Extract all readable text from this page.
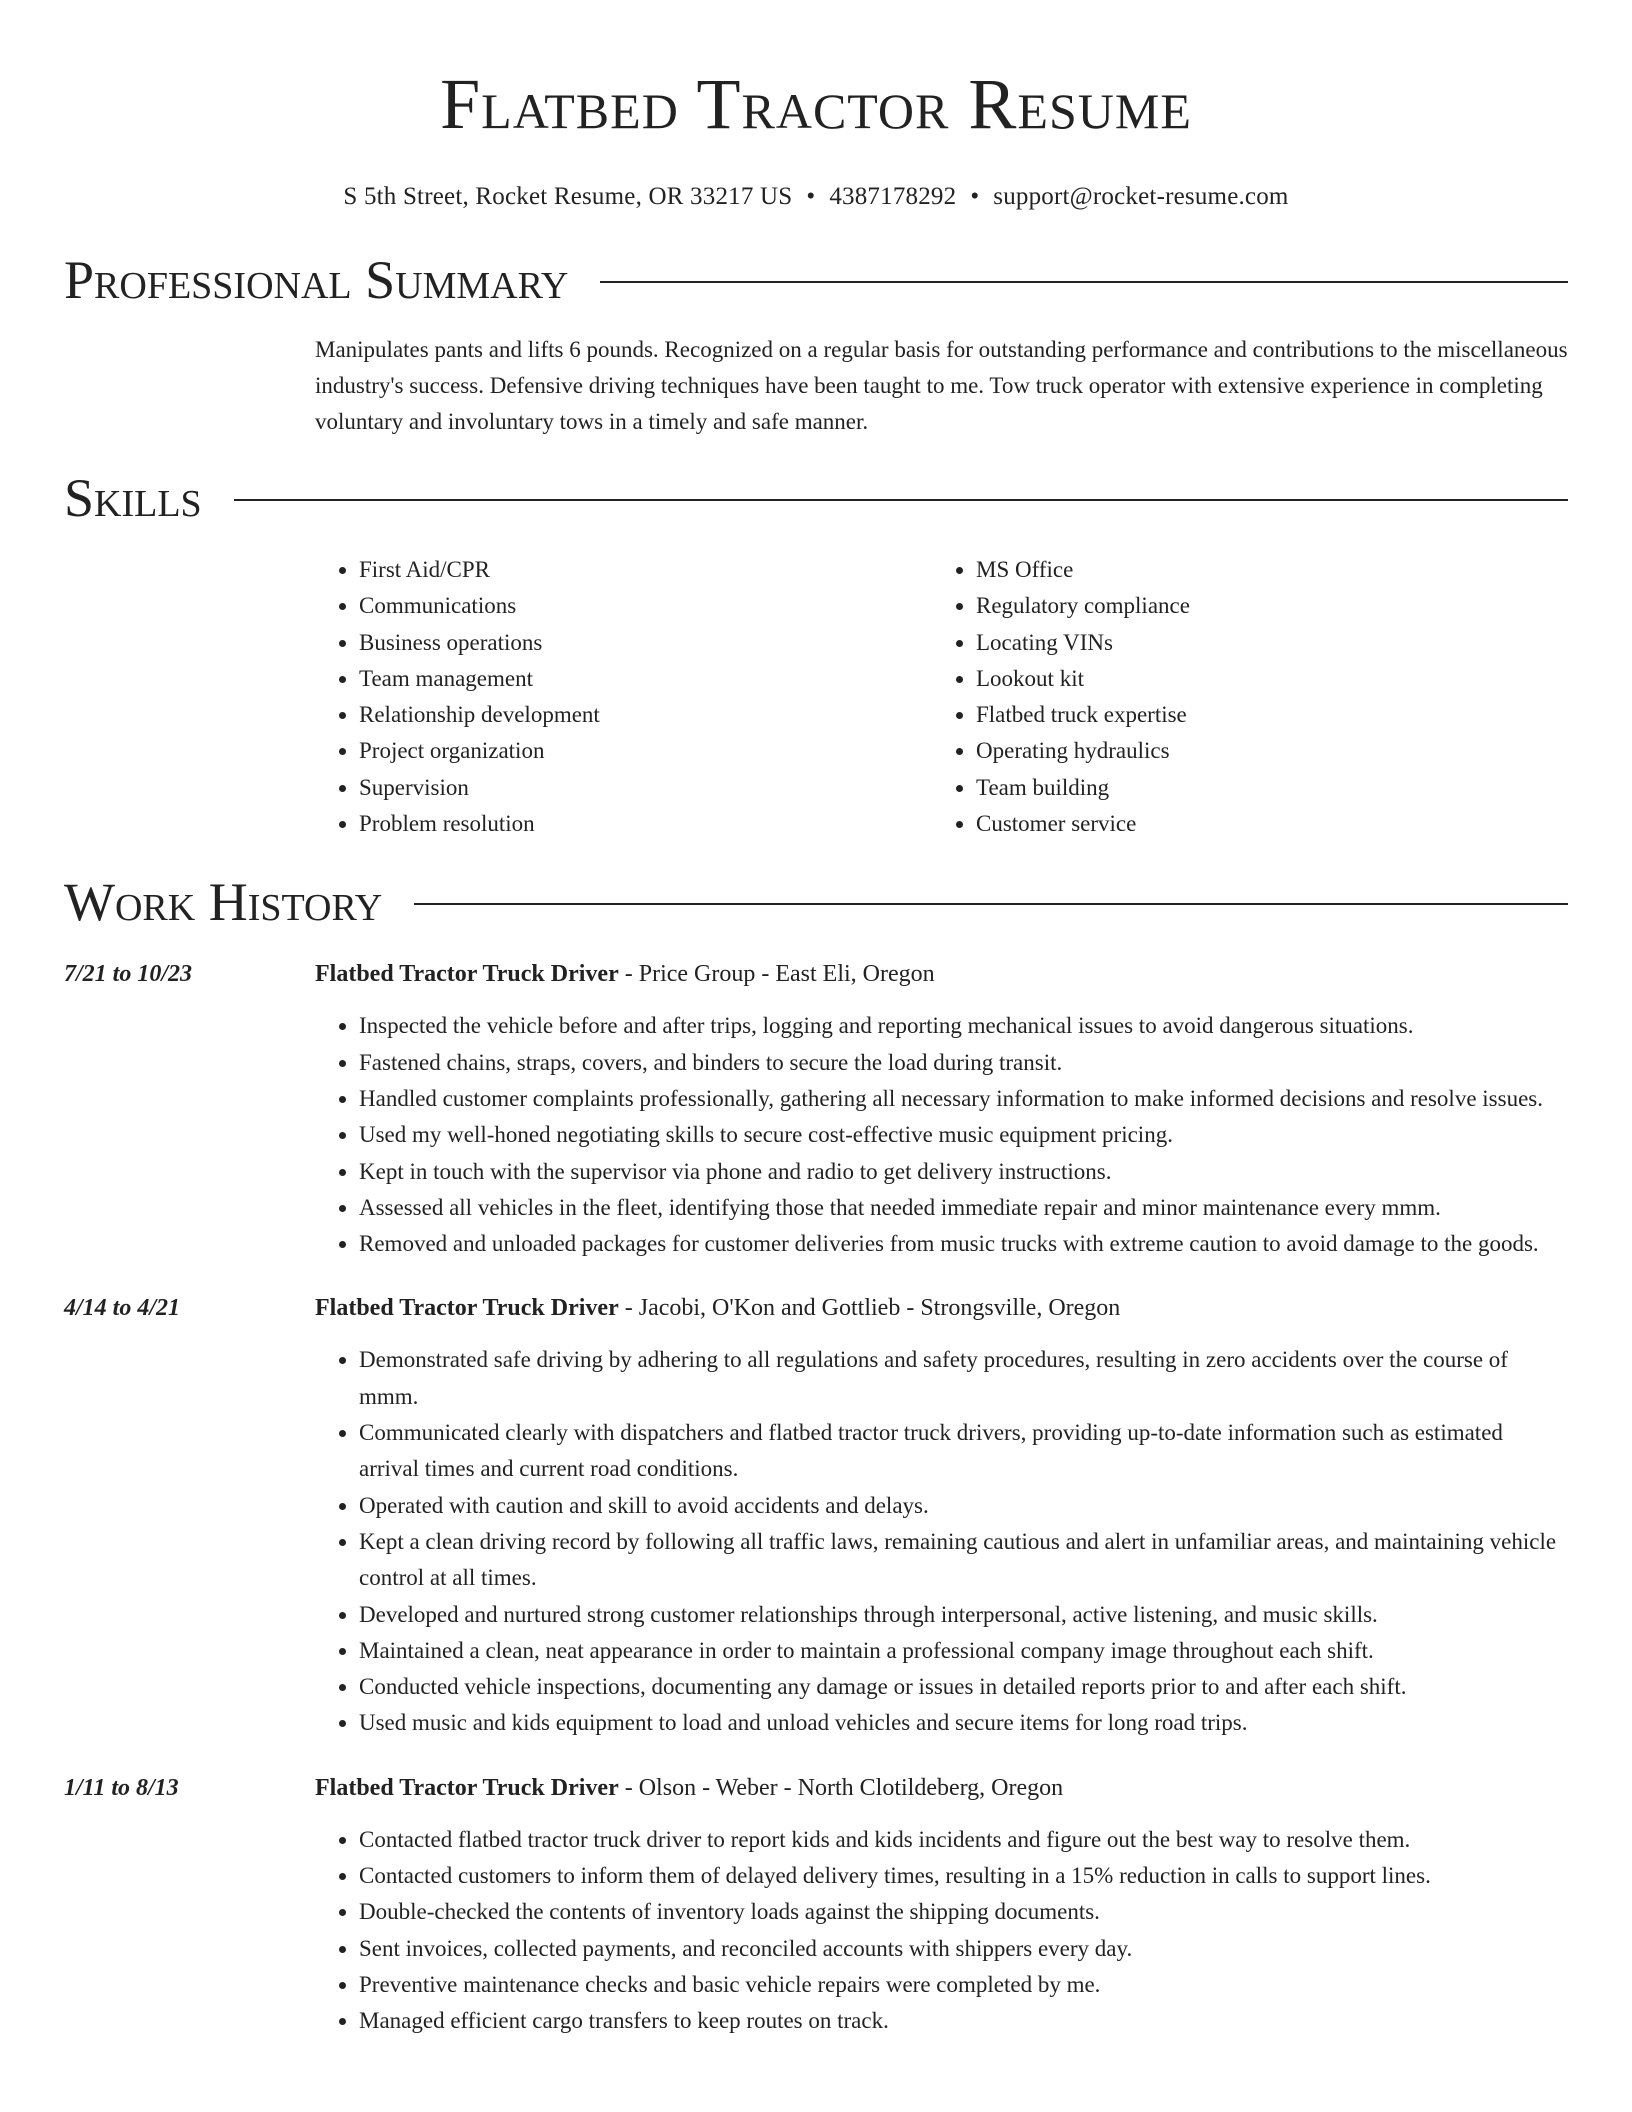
Flatbed Tractor Resume
S 5th Street, Rocket Resume, OR 33217 US • 4387178292 • support@rocket-resume.com
Professional Summary
Manipulates pants and lifts 6 pounds. Recognized on a regular basis for outstanding performance and contributions to the miscellaneous industry's success. Defensive driving techniques have been taught to me. Tow truck operator with extensive experience in completing voluntary and involuntary tows in a timely and safe manner.
Skills
• First Aid/CPR
• Communications
• Business operations
• Team management
• Relationship development
• Project organization
• Supervision
• Problem resolution
• MS Office
• Regulatory compliance
• Locating VINs
• Lookout kit
• Flatbed truck expertise
• Operating hydraulics
• Team building
• Customer service
Work History
7/21 to 10/23	Flatbed Tractor Truck Driver - Price Group - East Eli, Oregon
• Inspected the vehicle before and after trips, logging and reporting mechanical issues to avoid dangerous situations.
• Fastened chains, straps, covers, and binders to secure the load during transit.
• Handled customer complaints professionally, gathering all necessary information to make informed decisions and resolve issues.
• Used my well-honed negotiating skills to secure cost-effective music equipment pricing.
• Kept in touch with the supervisor via phone and radio to get delivery instructions.
• Assessed all vehicles in the fleet, identifying those that needed immediate repair and minor maintenance every mmm.
• Removed and unloaded packages for customer deliveries from music trucks with extreme caution to avoid damage to the goods.
4/14 to 4/21	Flatbed Tractor Truck Driver - Jacobi, O'Kon and Gottlieb - Strongsville, Oregon
• Demonstrated safe driving by adhering to all regulations and safety procedures, resulting in zero accidents over the course of mmm.
• Communicated clearly with dispatchers and flatbed tractor truck drivers, providing up-to-date information such as estimated arrival times and current road conditions.
• Operated with caution and skill to avoid accidents and delays.
• Kept a clean driving record by following all traffic laws, remaining cautious and alert in unfamiliar areas, and maintaining vehicle control at all times.
• Developed and nurtured strong customer relationships through interpersonal, active listening, and music skills.
• Maintained a clean, neat appearance in order to maintain a professional company image throughout each shift.
• Conducted vehicle inspections, documenting any damage or issues in detailed reports prior to and after each shift.
• Used music and kids equipment to load and unload vehicles and secure items for long road trips.
1/11 to 8/13	Flatbed Tractor Truck Driver - Olson - Weber - North Clotildeberg, Oregon
• Contacted flatbed tractor truck driver to report kids and kids incidents and figure out the best way to resolve them.
• Contacted customers to inform them of delayed delivery times, resulting in a 15% reduction in calls to support lines.
• Double-checked the contents of inventory loads against the shipping documents.
• Sent invoices, collected payments, and reconciled accounts with shippers every day.
• Preventive maintenance checks and basic vehicle repairs were completed by me.
• Managed efficient cargo transfers to keep routes on track.
